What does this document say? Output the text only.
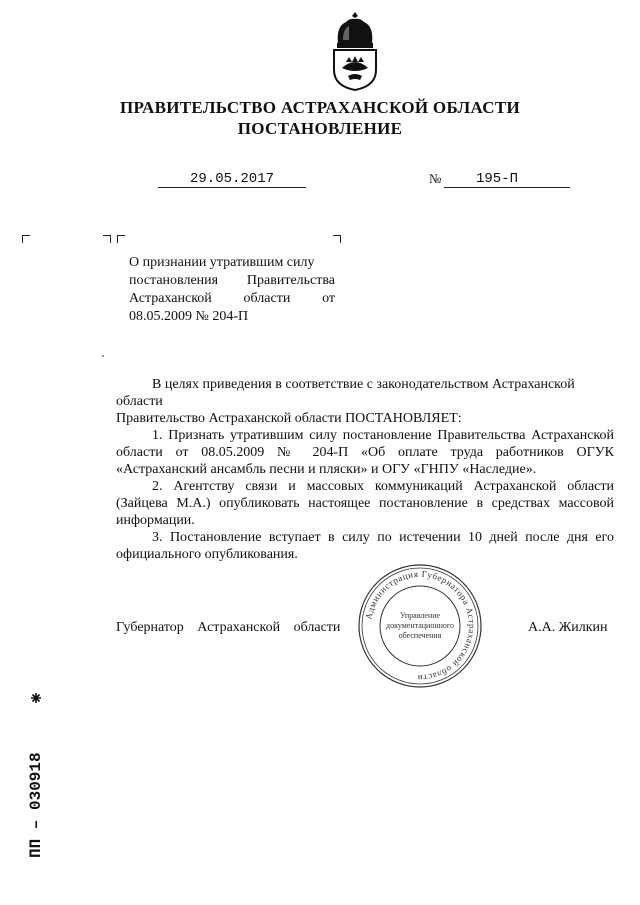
ПРАВИТЕЛЬСТВО АСТРАХАНСКОЙ ОБЛАСТИ
ПОСТАНОВЛЕНИЕ
29.05.2017	№	195-П
О признании утратившим силу
постановления Правительства
Астраханской области от
08.05.2009 № 204-П
В целях приведения в соответствие с законодательством Астраханской
области
Правительство Астраханской области ПОСТАНОВЛЯЕТ:
1. Признать утратившим силу постановление Правительства Астраханской области от 08.05.2009 № 204-П «Об оплате труда работников ОГУК «Астраханский ансамбль песни и пляски» и ОГУ «ГНПУ «Наследие».
2. Агентству связи и массовых коммуникаций Астраханской области (Зайцева М.А.) опубликовать настоящее постановление в средствах массовой информации.
3. Постановление вступает в силу по истечении 10 дней после дня его официального опубликования.
Губернатор Астраханской области	А.А. Жилкин
Администрация Губернатора Астраханской области
Управление
документационного
обеспечения
ПП – 030918
